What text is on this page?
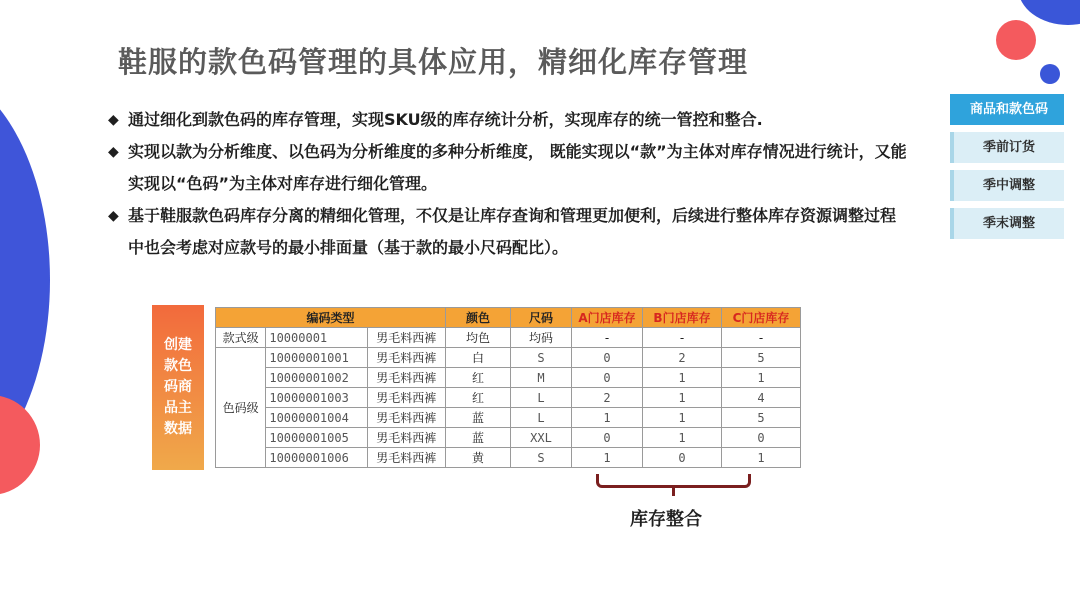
鞋服的款色码管理的具体应用，精细化库存管理
◆ 通过细化到款色码的库存管理，实现SKU级的库存统计分析，实现库存的统一管控和整合.
◆ 实现以款为分析维度、以色码为分析维度的多种分析维度， 既能实现以“款”为主体对库存情况进行统计，又能实现以“色码”为主体对库存进行细化管理。
◆ 基于鞋服款色码库存分离的精细化管理，不仅是让库存查询和管理更加便利，后续进行整体库存资源调整过程中也会考虑对应款号的最小排面量（基于款的最小尺码配比）。
商品和款色码
季前订货
季中调整
季末调整
创建款色码商品主数据
编码类型			颜色	尺码	A门店库存	B门店库存	C门店库存
款式级	10000001	男毛料西裤	均色	均码	-	-	-
色码级	10000001001	男毛料西裤	白	S	0	2	5
	10000001002	男毛料西裤	红	M	0	1	1
	10000001003	男毛料西裤	红	L	2	1	4
	10000001004	男毛料西裤	蓝	L	1	1	5
	10000001005	男毛料西裤	蓝	XXL	0	1	0
	10000001006	男毛料西裤	黄	S	1	0	1
库存整合
